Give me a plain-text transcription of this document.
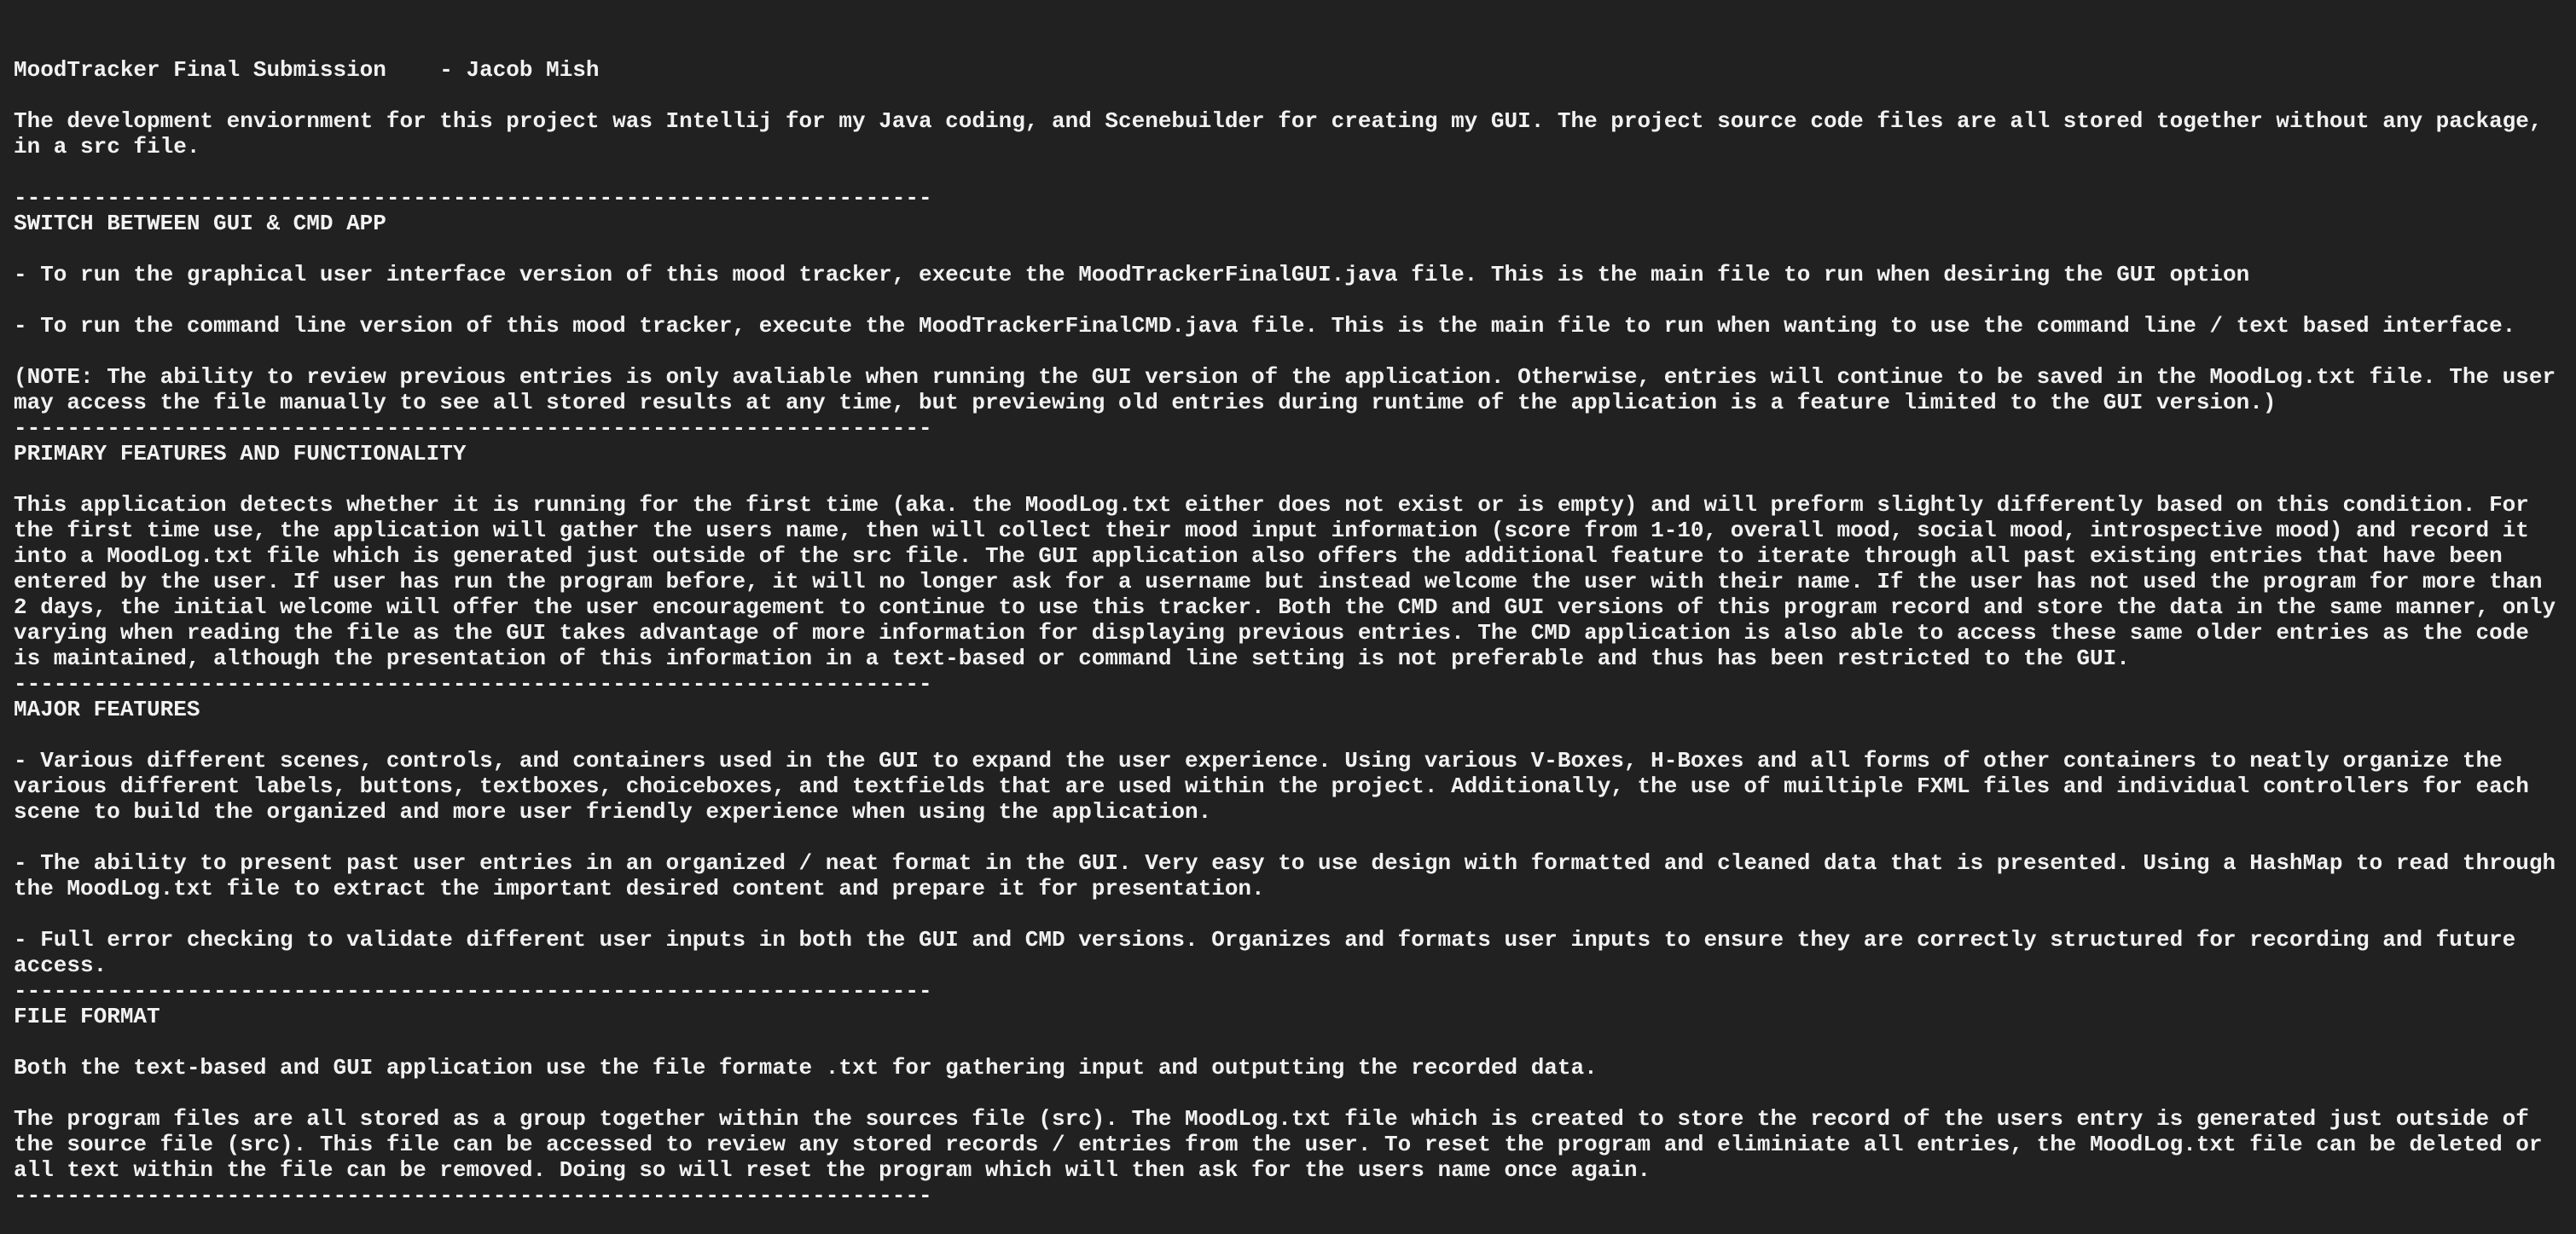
MoodTracker Final Submission    - Jacob Mish
The development enviornment for this project was Intellij for my Java coding, and Scenebuilder for creating my GUI. The project source code files are all stored together without any package,
in a src file.
---------------------------------------------------------------------
SWITCH BETWEEN GUI & CMD APP
- To run the graphical user interface version of this mood tracker, execute the MoodTrackerFinalGUI.java file. This is the main file to run when desiring the GUI option
- To run the command line version of this mood tracker, execute the MoodTrackerFinalCMD.java file. This is the main file to run when wanting to use the command line / text based interface.
(NOTE: The ability to review previous entries is only avaliable when running the GUI version of the application. Otherwise, entries will continue to be saved in the MoodLog.txt file. The user
may access the file manually to see all stored results at any time, but previewing old entries during runtime of the application is a feature limited to the GUI version.)
---------------------------------------------------------------------
PRIMARY FEATURES AND FUNCTIONALITY
This application detects whether it is running for the first time (aka. the MoodLog.txt either does not exist or is empty) and will preform slightly differently based on this condition. For
the first time use, the application will gather the users name, then will collect their mood input information (score from 1-10, overall mood, social mood, introspective mood) and record it
into a MoodLog.txt file which is generated just outside of the src file. The GUI application also offers the additional feature to iterate through all past existing entries that have been
entered by the user. If user has run the program before, it will no longer ask for a username but instead welcome the user with their name. If the user has not used the program for more than
2 days, the initial welcome will offer the user encouragement to continue to use this tracker. Both the CMD and GUI versions of this program record and store the data in the same manner, only
varying when reading the file as the GUI takes advantage of more information for displaying previous entries. The CMD application is also able to access these same older entries as the code
is maintained, although the presentation of this information in a text-based or command line setting is not preferable and thus has been restricted to the GUI.
---------------------------------------------------------------------
MAJOR FEATURES
- Various different scenes, controls, and containers used in the GUI to expand the user experience. Using various V-Boxes, H-Boxes and all forms of other containers to neatly organize the
various different labels, buttons, textboxes, choiceboxes, and textfields that are used within the project. Additionally, the use of muiltiple FXML files and individual controllers for each
scene to build the organized and more user friendly experience when using the application.
- The ability to present past user entries in an organized / neat format in the GUI. Very easy to use design with formatted and cleaned data that is presented. Using a HashMap to read through
the MoodLog.txt file to extract the important desired content and prepare it for presentation.
- Full error checking to validate different user inputs in both the GUI and CMD versions. Organizes and formats user inputs to ensure they are correctly structured for recording and future
access.
---------------------------------------------------------------------
FILE FORMAT
Both the text-based and GUI application use the file formate .txt for gathering input and outputting the recorded data.
The program files are all stored as a group together within the sources file (src). The MoodLog.txt file which is created to store the record of the users entry is generated just outside of
the source file (src). This file can be accessed to review any stored records / entries from the user. To reset the program and eliminiate all entries, the MoodLog.txt file can be deleted or
all text within the file can be removed. Doing so will reset the program which will then ask for the users name once again.
---------------------------------------------------------------------
